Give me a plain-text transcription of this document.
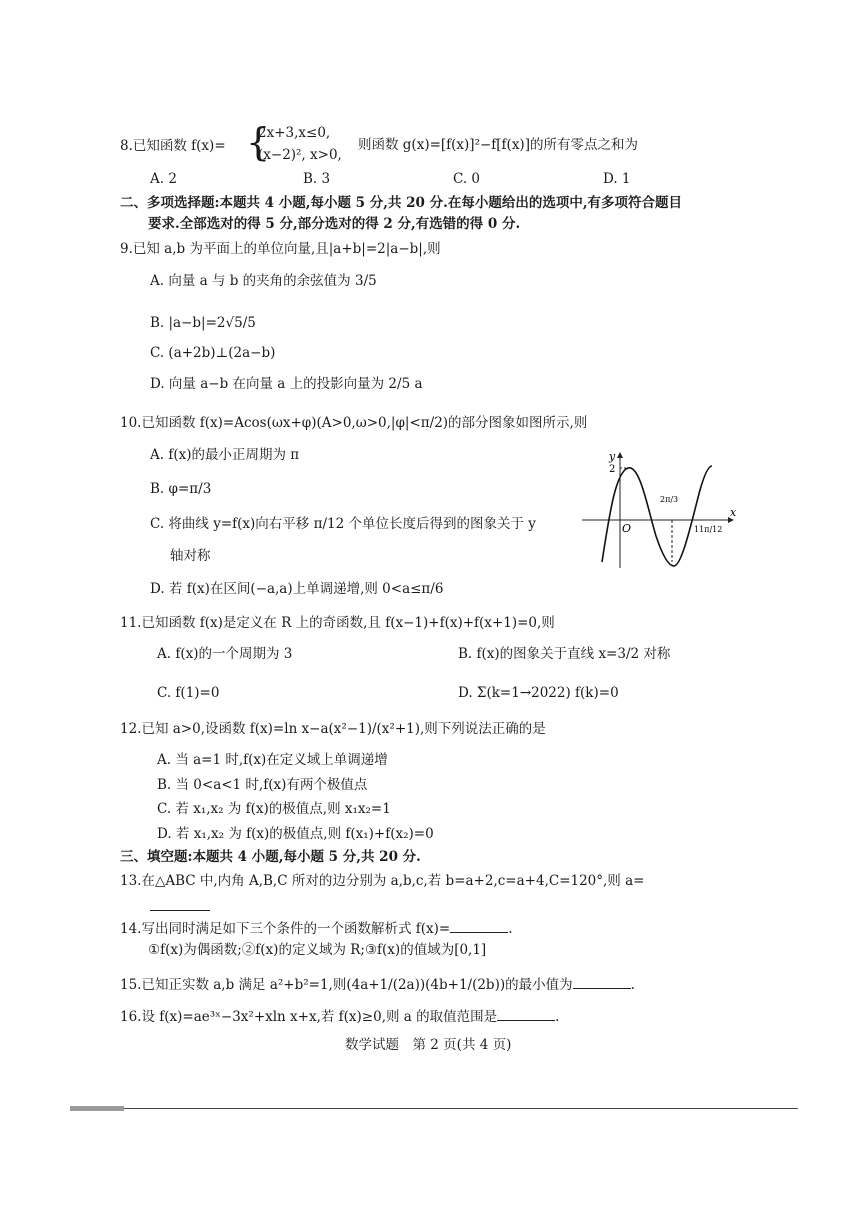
8.已知函数 f(x)= {
2x+3,x≤0,
(x−2)², x>0,
则函数 g(x)=[f(x)]²−f[f(x)]的所有零点之和为
A. 2	B. 3	C. 0	D. 1
二、多项选择题:本题共 4 小题,每小题 5 分,共 20 分.在每小题给出的选项中,有多项符合题目
要求.全部选对的得 5 分,部分选对的得 2 分,有选错的得 0 分.
9.已知 a,b 为平面上的单位向量,且|a+b|=2|a−b|,则
A. 向量 a 与 b 的夹角的余弦值为 3/5
B. |a−b|=2√5/5
C. (a+2b)⊥(2a−b)
D. 向量 a−b 在向量 a 上的投影向量为 2/5 a
10.已知函数 f(x)=Acos(ωx+φ)(A>0,ω>0,|φ|<π/2)的部分图象如图所示,则
A. f(x)的最小正周期为 π
B. φ=π/3
C. 将曲线 y=f(x)向右平移 π/12 个单位长度后得到的图象关于 y
轴对称
D. 若 f(x)在区间(−a,a)上单调递增,则 0<a≤π/6
y
x
O
2
2π/3
11π/12
11.已知函数 f(x)是定义在 R 上的奇函数,且 f(x−1)+f(x)+f(x+1)=0,则
A. f(x)的一个周期为 3	B. f(x)的图象关于直线 x=3/2 对称
C. f(1)=0	D. Σ(k=1→2022) f(k)=0
12.已知 a>0,设函数 f(x)=ln x−a(x²−1)/(x²+1),则下列说法正确的是
A. 当 a=1 时,f(x)在定义域上单调递增
B. 当 0<a<1 时,f(x)有两个极值点
C. 若 x₁,x₂ 为 f(x)的极值点,则 x₁x₂=1
D. 若 x₁,x₂ 为 f(x)的极值点,则 f(x₁)+f(x₂)=0
三、填空题:本题共 4 小题,每小题 5 分,共 20 分.
13.在△ABC 中,内角 A,B,C 所对的边分别为 a,b,c,若 b=a+2,c=a+4,C=120°,则 a=
14.写出同时满足如下三个条件的一个函数解析式 f(x)=	.
①f(x)为偶函数;②f(x)的定义域为 R;③f(x)的值域为[0,1]
15.已知正实数 a,b 满足 a²+b²=1,则(4a+1/(2a))(4b+1/(2b))的最小值为	.
16.设 f(x)=ae³ˣ−3x²+xln x+x,若 f(x)≥0,则 a 的取值范围是	.
数学试题　第 2 页(共 4 页)
